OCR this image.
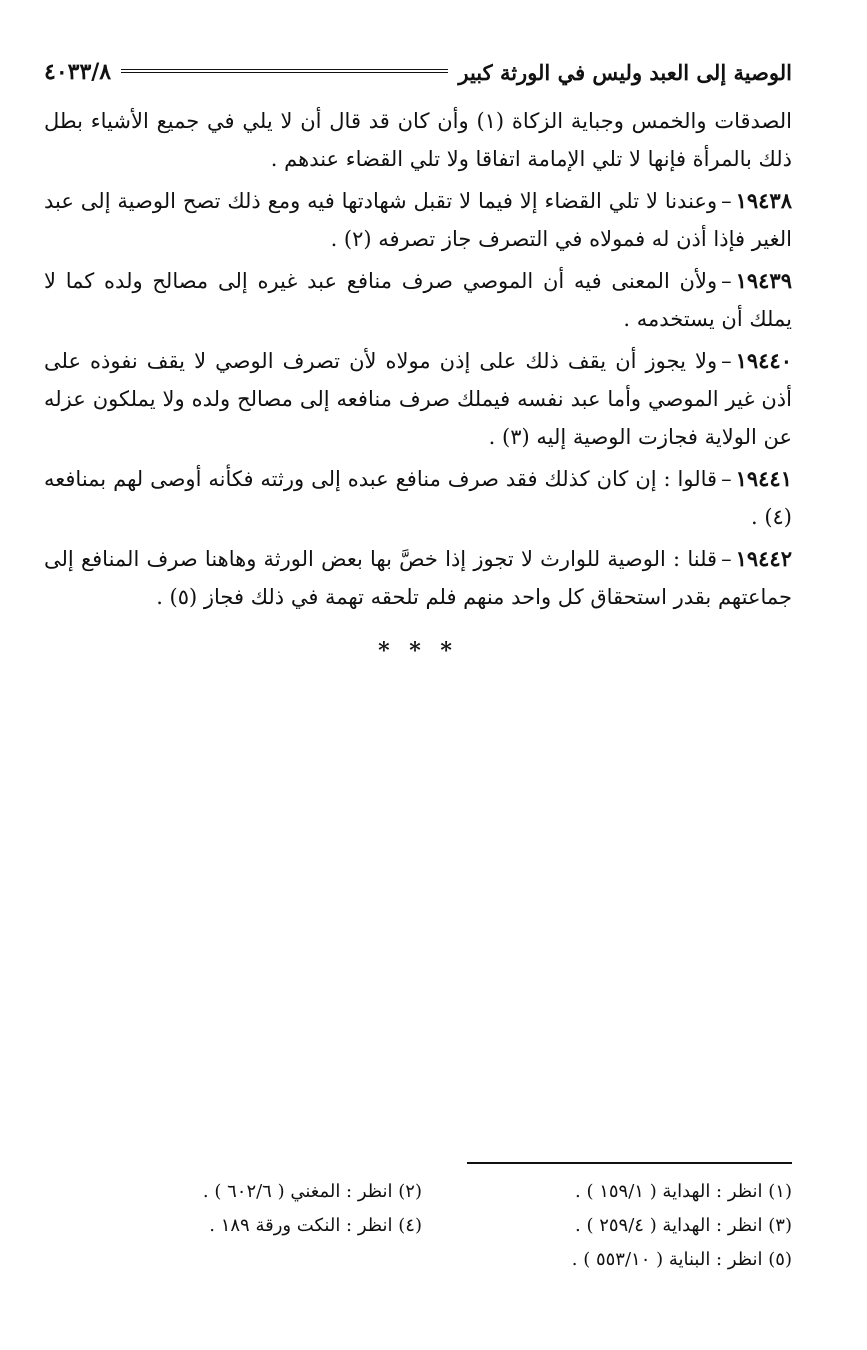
الوصية إلى العبد وليس في الورثة كبير
٤٠٣٣/٨

الصدقات والخمس وجباية الزكاة (١) وأن كان قد قال أن لا يلي في جميع الأشياء بطل ذلك بالمرأة فإنها لا تلي الإمامة اتفاقا ولا تلي القضاء عندهم .

١٩٤٣٨–وعندنا لا تلي القضاء إلا فيما لا تقبل شهادتها فيه ومع ذلك تصح الوصية إلى عبد الغير فإذا أذن له فمولاه في التصرف جاز تصرفه (٢) .

١٩٤٣٩–ولأن المعنى فيه أن الموصي صرف منافع عبد غيره إلى مصالح ولده كما لا يملك أن يستخدمه .

١٩٤٤٠–ولا يجوز أن يقف ذلك على إذن مولاه لأن تصرف الوصي لا يقف نفوذه على أذن غير الموصي وأما عبد نفسه فيملك صرف منافعه إلى مصالح ولده ولا يملكون عزله عن الولاية فجازت الوصية إليه (٣) .

١٩٤٤١–قالوا : إن كان كذلك فقد صرف منافع عبده إلى ورثته فكأنه أوصى لهم بمنافعه (٤) .

١٩٤٤٢–قلنا : الوصية للوارث لا تجوز إذا خصَّ بها بعض الورثة وهاهنا صرف المنافع إلى جماعتهم بقدر استحقاق كل واحد منهم فلم تلحقه تهمة في ذلك فجاز (٥) .

* * *
(١) انظر : الهداية ( ١٥٩/١ ) .
(٢) انظر : المغني ( ٦٠٢/٦ ) .
(٣) انظر : الهداية ( ٢٥٩/٤ ) .
(٤) انظر : النكت ورقة ١٨٩ .
(٥) انظر : البناية ( ٥٥٣/١٠ ) .
